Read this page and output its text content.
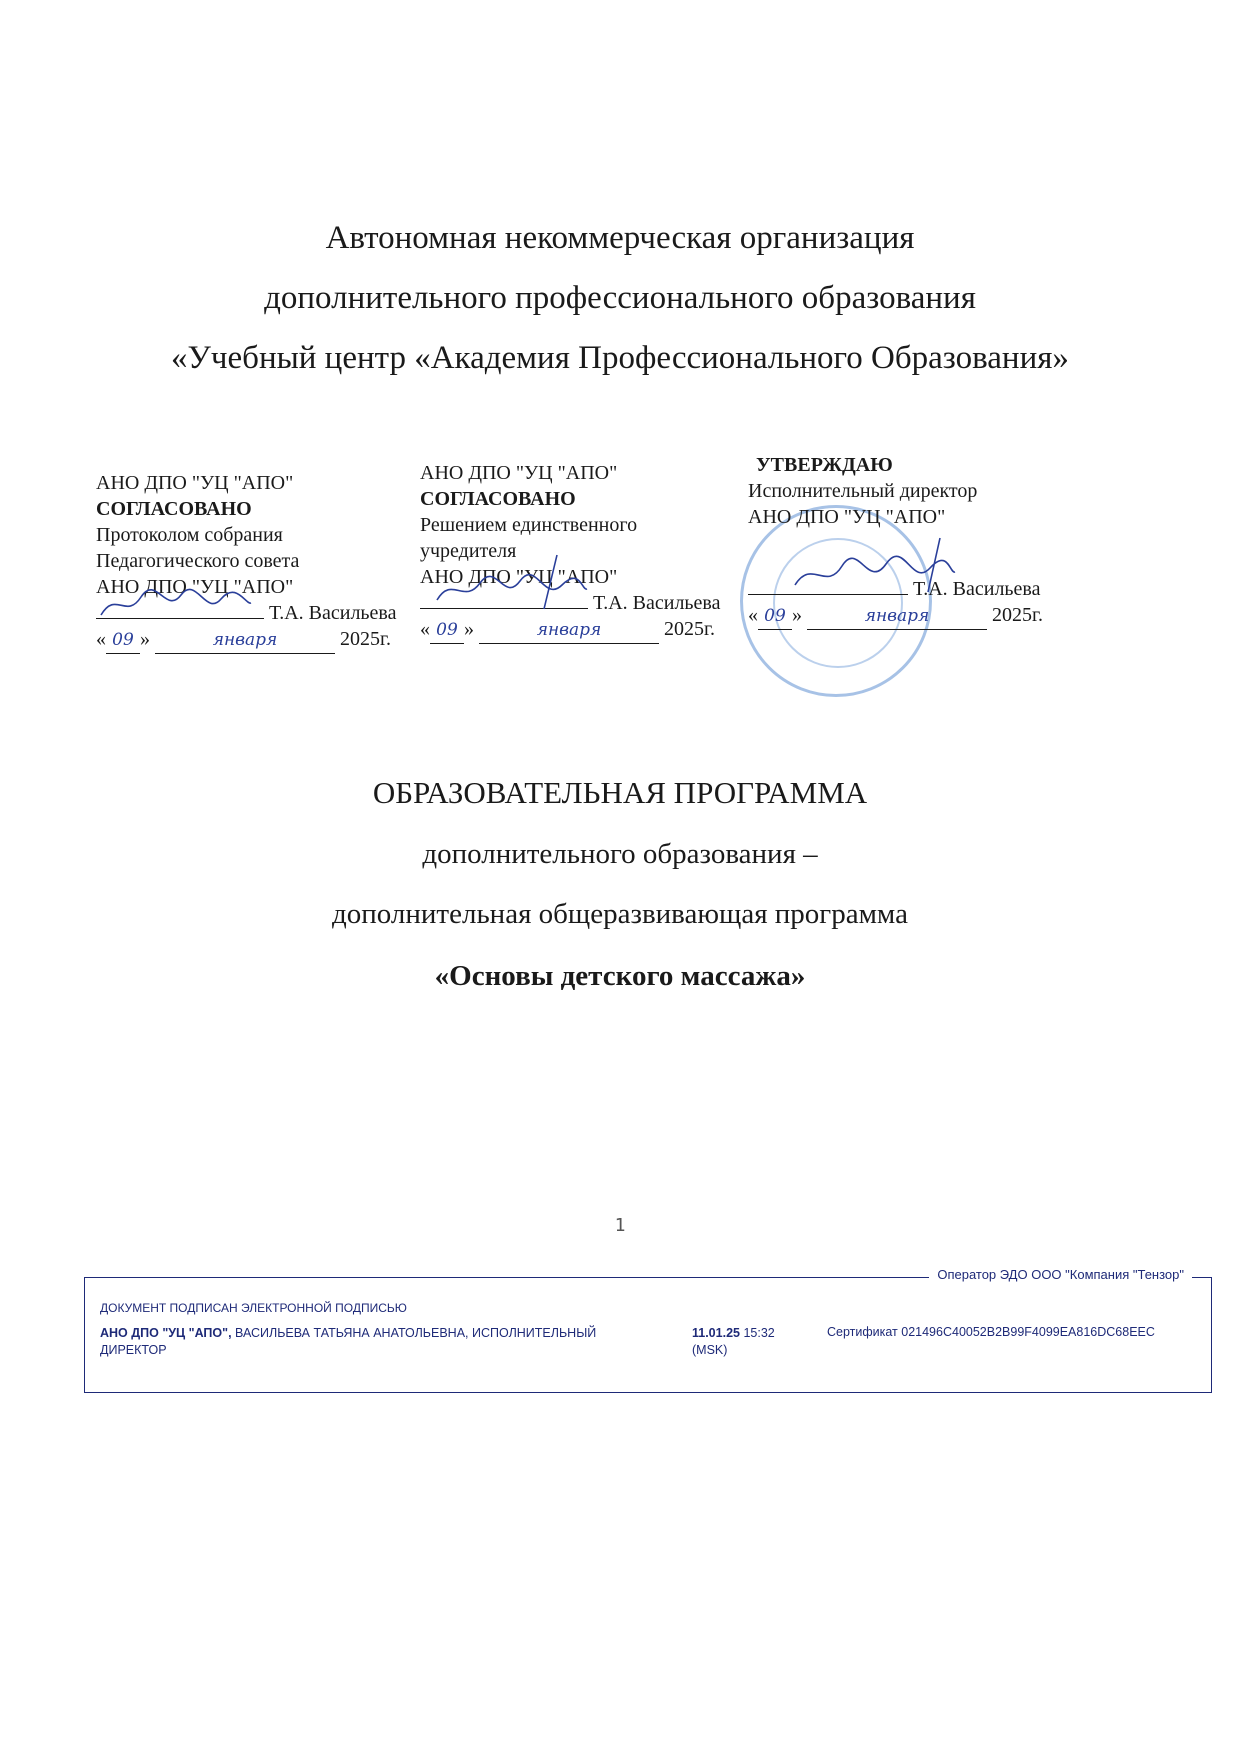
Автономная некоммерческая организация
дополнительного профессионального образования
«Учебный центр «Академия Профессионального Образования»
АНО ДПО "УЦ "АПО"
СОГЛАСОВАНО
Протоколом собрания
Педагогического совета
АНО ДПО "УЦ "АПО"
Т.А. Васильева
« 09 »	января	2025г.
АНО ДПО "УЦ "АПО"
СОГЛАСОВАНО
Решением единственного
учредителя
АНО ДПО "УЦ "АПО"
Т.А. Васильева
« 09 »	января	2025г.
УТВЕРЖДАЮ
Исполнительный директор
АНО ДПО "УЦ "АПО"
Т.А. Васильева
« 09 »	января	2025г.
ОБРАЗОВАТЕЛЬНАЯ ПРОГРАММА
дополнительного образования –
дополнительная общеразвивающая программа
«Основы детского массажа»
1
Оператор ЭДО ООО "Компания "Тензор"
ДОКУМЕНТ ПОДПИСАН ЭЛЕКТРОННОЙ ПОДПИСЬЮ
АНО ДПО "УЦ "АПО", ВАСИЛЬЕВА ТАТЬЯНА АНАТОЛЬЕВНА, ИСПОЛНИТЕЛЬНЫЙ
ДИРЕКТОР
11.01.25 15:32
(MSK)
Сертификат 021496C40052B2B99F4099EA816DC68EEC
